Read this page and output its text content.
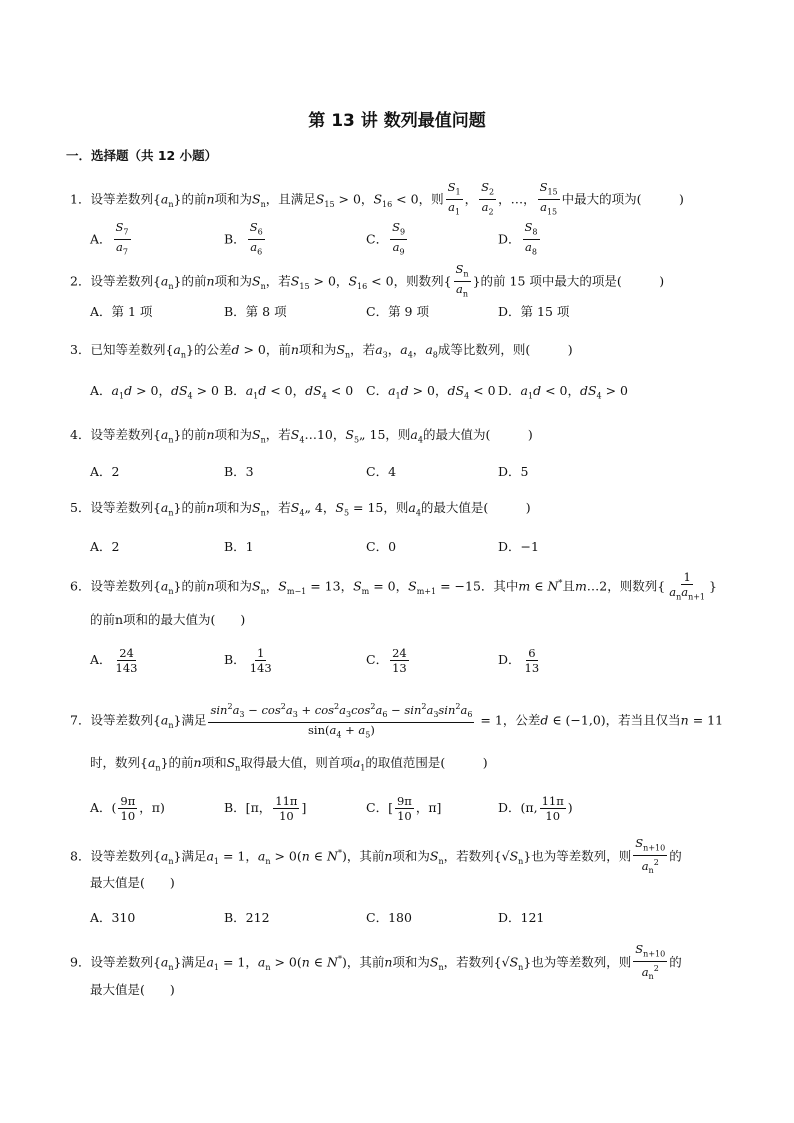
第 13 讲 数列最值问题
一．选择题（共 12 小题）
1．设等差数列$\{a_n\}$的前n项和为$S_n$，且满足$S_{15} > 0$，$S_{16} < 0$，则 $\frac{S_1}{a_1}$ ， $\frac{S_2}{a_2}$ ，…， $\frac{S_{15}}{a_{15}}$ 中最大的项为(　　　)
A． $\frac{S_7}{a_7}$	B． $\frac{S_6}{a_6}$	C． $\frac{S_9}{a_9}$	D． $\frac{S_8}{a_8}$
2．设等差数列$\{a_n\}$的前n项和为$S_n$，若$S_{15} > 0$，$S_{16} < 0$，则数列{ $\frac{S_n}{a_n}$ }的前 15 项中最大的项是(　　　)
A．第 1 项	B．第 8 项	C．第 9 项	D．第 15 项
3．已知等差数列$\{a_n\}$的公差d > 0，前n项和为$S_n$，若$a_3$，$a_4$，$a_8$成等比数列，则(　　　)
A．$a_1d > 0$，$dS_4 > 0$ B．$a_1d < 0$，$dS_4 < 0$ C．$a_1d > 0$，$dS_4 < 0$ D．$a_1d < 0$，$dS_4 > 0$
4．设等差数列$\{a_n\}$的前n项和为$S_n$，若$S_4\dots 10$，$S_5„$ 15，则$a_4$的最大值为(　　　)
A．2	B．3	C．4	D．5
5．设等差数列$\{a_n\}$的前n项和为$S_n$，若$S_4„$ 4，$S_5 = 15$，则$a_4$的最大值是(　　　)
A．2	B．1	C．0	D．−1
6．设等差数列$\{a_n\}$的前n项和为$S_n$，$S_{m-1} = 13$，$S_m = 0$，$S_{m+1} = -15$．其中m ∈ N*且m…2，则数列{ $\frac{1}{a_na_{n+1}}$ }
的前n项和的最大值为(　　)
A． $\frac{24}{143}$	B． $\frac{1}{143}$	C． $\frac{24}{13}$	D． $\frac{6}{13}$
7．设等差数列$\{a_n\}$满足 $\frac{\sin^2a_3 - \cos^2a_3 + \cos^2a_3\cos^2a_6 - \sin^2a_3\sin^2a_6}{\sin(a_4 + a_5)} = 1$，公差d ∈ (−1,0)，若当且仅当n = 11
时，数列$\{a_n\}$的前n项和$S_n$取得最大值，则首项$a_1$的取值范围是(　　　)
A．( $\frac{9\pi}{10}$ ，π)	B．[π， $\frac{11\pi}{10}$ ]	C．[ $\frac{9\pi}{10}$ ，π]	D．(π, $\frac{11\pi}{10}$ )
8．设等差数列$\{a_n\}$满足$a_1 = 1$，$a_n > 0(n$ ∈ N*)，其前n项和为$S_n$，若数列$\{√S_n\}$也为等差数列，则 $\frac{S_{n+10}}{a_n^2}$ 的
最大值是(　　)
A．310	B．212	C．180	D．121
9．设等差数列$\{a_n\}$满足$a_1 = 1$，$a_n > 0(n$ ∈ N*)，其前n项和为$S_n$，若数列$\{√S_n\}$也为等差数列，则 $\frac{S_{n+10}}{a_n^2}$ 的
最大值是(　　)
